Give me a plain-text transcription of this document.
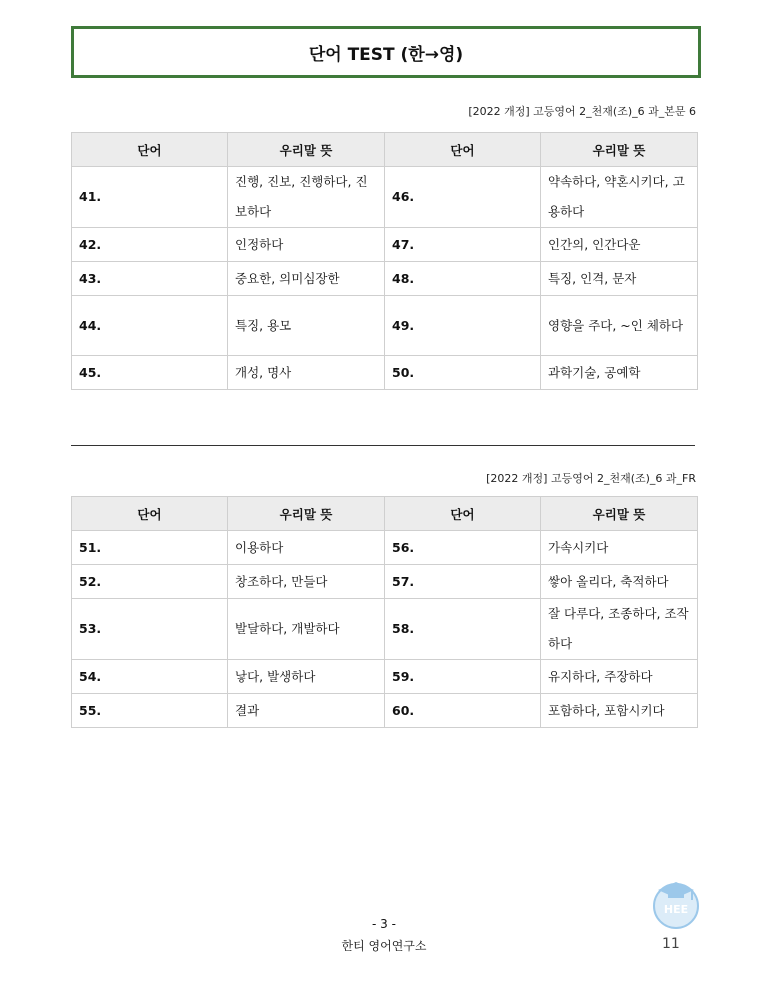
단어 TEST (한→영)
[2022 개정] 고등영어 2_천재(조)_6 과_본문 6
단어	우리말 뜻	단어	우리말 뜻
41.	진행, 진보, 진행하다, 진보하다	46.	약속하다, 약혼시키다, 고용하다
42.	인정하다	47.	인간의, 인간다운
43.	중요한, 의미심장한	48.	특징, 인격, 문자
44.	특징, 용모	49.	영향을 주다, ~인 체하다
45.	개성, 명사	50.	과학기술, 공예학
[2022 개정] 고등영어 2_천재(조)_6 과_FR
단어	우리말 뜻	단어	우리말 뜻
51.	이용하다	56.	가속시키다
52.	창조하다, 만들다	57.	쌓아 올리다, 축적하다
53.	발달하다, 개발하다	58.	잘 다루다, 조종하다, 조작하다
54.	낳다, 발생하다	59.	유지하다, 주장하다
55.	결과	60.	포함하다, 포함시키다
- 3 -
한티 영어연구소
HEE
11
